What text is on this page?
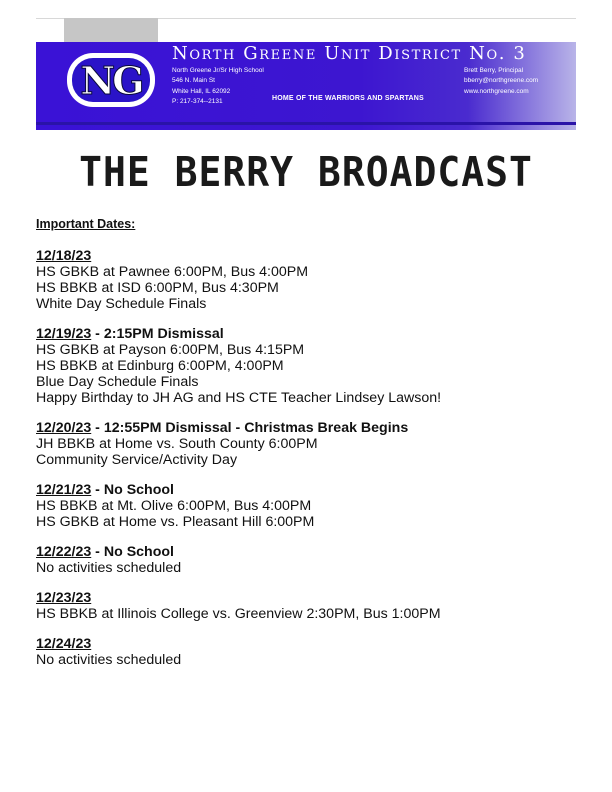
NG
North Greene Unit District No. 3
North Greene Jr/Sr High School
546 N. Main St
White Hall, IL 62092
P: 217-374--2131
Brett Berry, Principal
bberry@northgreene.com
www.northgreene.com
HOME OF THE WARRIORS AND SPARTANS
THE BERRY BROADCAST
Important Dates:
12/18/23
HS GBKB at Pawnee 6:00PM, Bus 4:00PM
HS BBKB at ISD 6:00PM, Bus 4:30PM
White Day Schedule Finals
12/19/23 - 2:15PM Dismissal
HS GBKB at Payson 6:00PM, Bus 4:15PM
HS BBKB at Edinburg 6:00PM, 4:00PM
Blue Day Schedule Finals
Happy Birthday to JH AG and HS CTE Teacher Lindsey Lawson!
12/20/23 - 12:55PM Dismissal - Christmas Break Begins
JH BBKB at Home vs. South County 6:00PM
Community Service/Activity Day
12/21/23 - No School
HS BBKB at Mt. Olive 6:00PM, Bus 4:00PM
HS GBKB at Home vs. Pleasant Hill 6:00PM
12/22/23 - No School
No activities scheduled
12/23/23
HS BBKB at Illinois College vs. Greenview 2:30PM, Bus 1:00PM
12/24/23
No activities scheduled
